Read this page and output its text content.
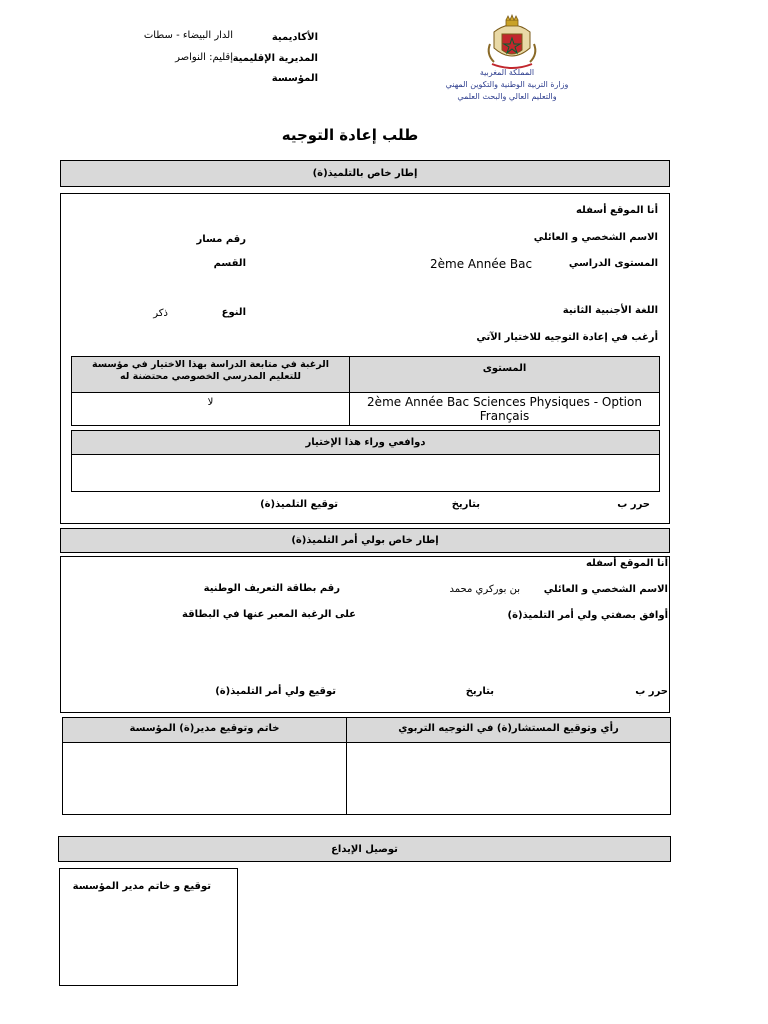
المملكة المغربية
وزارة التربية الوطنية والتكوين المهني
والتعليم العالي والبحث العلمي
الأكاديمية
الدار البيضاء - سطات
المديرية الإقليمية
إقليم: النواصر
المؤسسة
طلب إعادة التوجيه
إطار خاص بالتلميذ(ة)
أنا الموقع أسفله
الاسم الشخصي و العائلي
رقم مسار
المستوى الدراسي
2ème Année Bac
القسم
اللغة الأجنبية الثانية
النوع
ذكر
أرغب في إعادة التوجيه للاختيار الآتي
المستوى
الرغبة في متابعة الدراسة بهذا الاختيار في مؤسسة للتعليم المدرسي الخصوصي محتضنة له
2ème Année Bac Sciences Physiques - Option Français
لا
دوافعي وراء هذا الإختيار
حرر ب
بتاريخ
توقيع التلميذ(ة)
إطار خاص بولي أمر التلميذ(ة)
أنا الموقع أسفله
الاسم الشخصي و العائلي
بن بوركري محمد
رقم بطاقة التعريف الوطنية
أوافق بصفتي ولي أمر التلميذ(ة)
على الرغبة المعبر عنها في البطاقة
حرر ب
بتاريخ
توقيع ولي أمر التلميذ(ة)
رأي وتوقيع المستشار(ة) في التوجيه التربوي
خاتم وتوقيع مدير(ة) المؤسسة
توصيل الإيداع
توقيع و خاتم مدير المؤسسة
